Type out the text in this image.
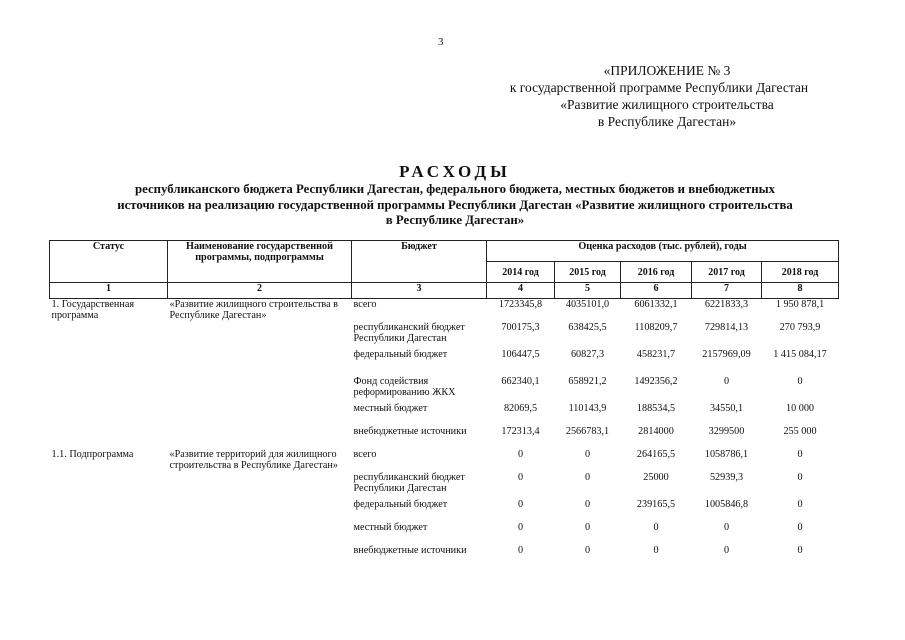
3
«ПРИЛОЖЕНИЕ № 3
к государственной программе Республики Дагестан
«Развитие жилищного строительства
в Республике Дагестан»
РАСХОДЫ
республиканского бюджета Республики Дагестан, федерального бюджета, местных бюджетов и внебюджетных
источников на реализацию государственной программы Республики Дагестан «Развитие жилищного строительства
в Республике Дагестан»
Статус	Наименование государственной программы, подпрограммы	Бюджет	Оценка расходов (тыс. рублей), годы				
			2014 год	2015 год	2016 год	2017 год	2018 год
1	2	3	4	5	6	7	8
1. Государственная программа	«Развитие жилищного строительства в Республике Дагестан»	всего	1723345,8	4035101,0	6061332,1	6221833,3	1 950 878,1
		республиканский бюджет Республики Дагестан	700175,3	638425,5	1108209,7	729814,13	270 793,9
		федеральный бюджет	106447,5	60827,3	458231,7	2157969,09	1 415 084,17
		Фонд содействия реформированию ЖКХ	662340,1	658921,2	1492356,2	0	0
		местный бюджет	82069,5	110143,9	188534,5	34550,1	10 000
		внебюджетные источники	172313,4	2566783,1	2814000	3299500	255 000
1.1. Подпрограмма	«Развитие территорий для жилищного строительства в Республике Дагестан»	всего	0	0	264165,5	1058786,1	0
		республиканский бюджет Республики Дагестан	0	0	25000	52939,3	0
		федеральный бюджет	0	0	239165,5	1005846,8	0
		местный бюджет	0	0	0	0	0
		внебюджетные источники	0	0	0	0	0
